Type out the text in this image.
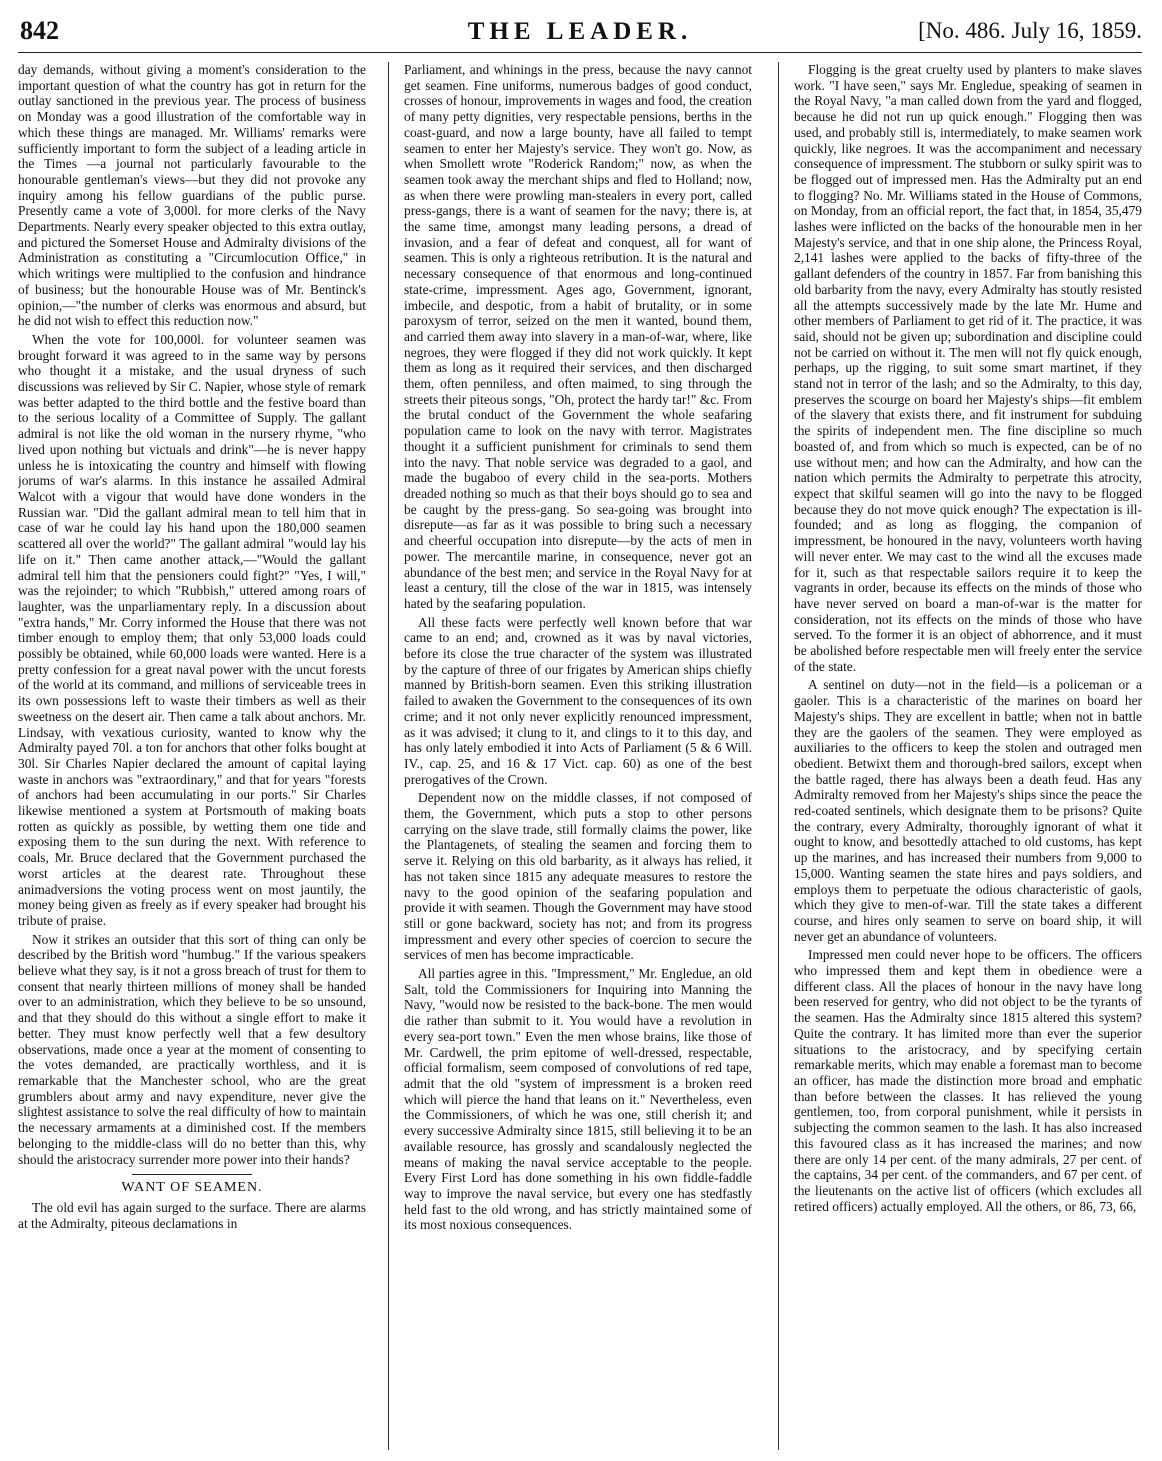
842	THE LEADER.	[No. 486. July 16, 1859.

day demands, without giving a moment's consideration to the important question of what the country has got in return for the outlay sanctioned in the previous year. The process of business on Monday was a good illustration of the comfortable way in which these things are managed. Mr. Williams' remarks were sufficiently important to form the subject of a leading article in the Times —a journal not particularly favourable to the honourable gentleman's views—but they did not provoke any inquiry among his fellow guardians of the public purse. Presently came a vote of 3,000l. for more clerks of the Navy Departments. Nearly every speaker objected to this extra outlay, and pictured the Somerset House and Admiralty divisions of the Administration as constituting a "Circumlocution Office," in which writings were multiplied to the confusion and hindrance of business; but the honourable House was of Mr. Bentinck's opinion,—"the number of clerks was enormous and absurd, but he did not wish to effect this reduction now."

When the vote for 100,000l. for volunteer seamen was brought forward it was agreed to in the same way by persons who thought it a mistake, and the usual dryness of such discussions was relieved by Sir C. Napier, whose style of remark was better adapted to the third bottle and the festive board than to the serious locality of a Committee of Supply. The gallant admiral is not like the old woman in the nursery rhyme, "who lived upon nothing but victuals and drink"—he is never happy unless he is intoxicating the country and himself with flowing jorums of war's alarms. In this instance he assailed Admiral Walcot with a vigour that would have done wonders in the Russian war. "Did the gallant admiral mean to tell him that in case of war he could lay his hand upon the 180,000 seamen scattered all over the world?" The gallant admiral "would lay his life on it." Then came another attack,—"Would the gallant admiral tell him that the pensioners could fight?" "Yes, I will," was the rejoinder; to which "Rubbish," uttered among roars of laughter, was the unparliamentary reply. In a discussion about "extra hands," Mr. Corry informed the House that there was not timber enough to employ them; that only 53,000 loads could possibly be obtained, while 60,000 loads were wanted. Here is a pretty confession for a great naval power with the uncut forests of the world at its command, and millions of serviceable trees in its own possessions left to waste their timbers as well as their sweetness on the desert air. Then came a talk about anchors. Mr. Lindsay, with vexatious curiosity, wanted to know why the Admiralty payed 70l. a ton for anchors that other folks bought at 30l. Sir Charles Napier declared the amount of capital laying waste in anchors was "extraordinary," and that for years "forests of anchors had been accumulating in our ports." Sir Charles likewise mentioned a system at Portsmouth of making boats rotten as quickly as possible, by wetting them one tide and exposing them to the sun during the next. With reference to coals, Mr. Bruce declared that the Government purchased the worst articles at the dearest rate. Throughout these animadversions the voting process went on most jauntily, the money being given as freely as if every speaker had brought his tribute of praise.

Now it strikes an outsider that this sort of thing can only be described by the British word "humbug." If the various speakers believe what they say, is it not a gross breach of trust for them to consent that nearly thirteen millions of money shall be handed over to an administration, which they believe to be so unsound, and that they should do this without a single effort to make it better. They must know perfectly well that a few desultory observations, made once a year at the moment of consenting to the votes demanded, are practically worthless, and it is remarkable that the Manchester school, who are the great grumblers about army and navy expenditure, never give the slightest assistance to solve the real difficulty of how to maintain the necessary armaments at a diminished cost. If the members belonging to the middle-class will do no better than this, why should the aristocracy surrender more power into their hands?

WANT OF SEAMEN.

The old evil has again surged to the surface. There are alarms at the Admiralty, piteous declamations in

Parliament, and whinings in the press, because the navy cannot get seamen. Fine uniforms, numerous badges of good conduct, crosses of honour, improvements in wages and food, the creation of many petty dignities, very respectable pensions, berths in the coast-guard, and now a large bounty, have all failed to tempt seamen to enter her Majesty's service. They won't go. Now, as when Smollett wrote "Roderick Random;" now, as when the seamen took away the merchant ships and fled to Holland; now, as when there were prowling man-stealers in every port, called press-gangs, there is a want of seamen for the navy; there is, at the same time, amongst many leading persons, a dread of invasion, and a fear of defeat and conquest, all for want of seamen. This is only a righteous retribution. It is the natural and necessary consequence of that enormous and long-continued state-crime, impressment. Ages ago, Government, ignorant, imbecile, and despotic, from a habit of brutality, or in some paroxysm of terror, seized on the men it wanted, bound them, and carried them away into slavery in a man-of-war, where, like negroes, they were flogged if they did not work quickly. It kept them as long as it required their services, and then discharged them, often penniless, and often maimed, to sing through the streets their piteous songs, "Oh, protect the hardy tar!" &c. From the brutal conduct of the Government the whole seafaring population came to look on the navy with terror. Magistrates thought it a sufficient punishment for criminals to send them into the navy. That noble service was degraded to a gaol, and made the bugaboo of every child in the sea-ports. Mothers dreaded nothing so much as that their boys should go to sea and be caught by the press-gang. So sea-going was brought into disrepute—as far as it was possible to bring such a necessary and cheerful occupation into disrepute—by the acts of men in power. The mercantile marine, in consequence, never got an abundance of the best men; and service in the Royal Navy for at least a century, till the close of the war in 1815, was intensely hated by the seafaring population.

All these facts were perfectly well known before that war came to an end; and, crowned as it was by naval victories, before its close the true character of the system was illustrated by the capture of three of our frigates by American ships chiefly manned by British-born seamen. Even this striking illustration failed to awaken the Government to the consequences of its own crime; and it not only never explicitly renounced impressment, as it was advised; it clung to it, and clings to it to this day, and has only lately embodied it into Acts of Parliament (5 & 6 Will. IV., cap. 25, and 16 & 17 Vict. cap. 60) as one of the best prerogatives of the Crown.

Dependent now on the middle classes, if not composed of them, the Government, which puts a stop to other persons carrying on the slave trade, still formally claims the power, like the Plantagenets, of stealing the seamen and forcing them to serve it. Relying on this old barbarity, as it always has relied, it has not taken since 1815 any adequate measures to restore the navy to the good opinion of the seafaring population and provide it with seamen. Though the Government may have stood still or gone backward, society has not; and from its progress impressment and every other species of coercion to secure the services of men has become impracticable.

All parties agree in this. "Impressment," Mr. Engledue, an old Salt, told the Commissioners for Inquiring into Manning the Navy, "would now be resisted to the back-bone. The men would die rather than submit to it. You would have a revolution in every sea-port town." Even the men whose brains, like those of Mr. Cardwell, the prim epitome of well-dressed, respectable, official formalism, seem composed of convolutions of red tape, admit that the old "system of impressment is a broken reed which will pierce the hand that leans on it." Nevertheless, even the Commissioners, of which he was one, still cherish it; and every successive Admiralty since 1815, still believing it to be an available resource, has grossly and scandalously neglected the means of making the naval service acceptable to the people. Every First Lord has done something in his own fiddle-faddle way to improve the naval service, but every one has stedfastly held fast to the old wrong, and has strictly maintained some of its most noxious consequences.

Flogging is the great cruelty used by planters to make slaves work. "I have seen," says Mr. Engledue, speaking of seamen in the Royal Navy, "a man called down from the yard and flogged, because he did not run up quick enough." Flogging then was used, and probably still is, intermediately, to make seamen work quickly, like negroes. It was the accompaniment and necessary consequence of impressment. The stubborn or sulky spirit was to be flogged out of impressed men. Has the Admiralty put an end to flogging? No. Mr. Williams stated in the House of Commons, on Monday, from an official report, the fact that, in 1854, 35,479 lashes were inflicted on the backs of the honourable men in her Majesty's service, and that in one ship alone, the Princess Royal, 2,141 lashes were applied to the backs of fifty-three of the gallant defenders of the country in 1857. Far from banishing this old barbarity from the navy, every Admiralty has stoutly resisted all the attempts successively made by the late Mr. Hume and other members of Parliament to get rid of it. The practice, it was said, should not be given up; subordination and discipline could not be carried on without it. The men will not fly quick enough, perhaps, up the rigging, to suit some smart martinet, if they stand not in terror of the lash; and so the Admiralty, to this day, preserves the scourge on board her Majesty's ships—fit emblem of the slavery that exists there, and fit instrument for subduing the spirits of independent men. The fine discipline so much boasted of, and from which so much is expected, can be of no use without men; and how can the Admiralty, and how can the nation which permits the Admiralty to perpetrate this atrocity, expect that skilful seamen will go into the navy to be flogged because they do not move quick enough? The expectation is ill-founded; and as long as flogging, the companion of impressment, be honoured in the navy, volunteers worth having will never enter. We may cast to the wind all the excuses made for it, such as that respectable sailors require it to keep the vagrants in order, because its effects on the minds of those who have never served on board a man-of-war is the matter for consideration, not its effects on the minds of those who have served. To the former it is an object of abhorrence, and it must be abolished before respectable men will freely enter the service of the state.

A sentinel on duty—not in the field—is a policeman or a gaoler. This is a characteristic of the marines on board her Majesty's ships. They are excellent in battle; when not in battle they are the gaolers of the seamen. They were employed as auxiliaries to the officers to keep the stolen and outraged men obedient. Betwixt them and thorough-bred sailors, except when the battle raged, there has always been a death feud. Has any Admiralty removed from her Majesty's ships since the peace the red-coated sentinels, which designate them to be prisons? Quite the contrary, every Admiralty, thoroughly ignorant of what it ought to know, and besottedly attached to old customs, has kept up the marines, and has increased their numbers from 9,000 to 15,000. Wanting seamen the state hires and pays soldiers, and employs them to perpetuate the odious characteristic of gaols, which they give to men-of-war. Till the state takes a different course, and hires only seamen to serve on board ship, it will never get an abundance of volunteers.

Impressed men could never hope to be officers. The officers who impressed them and kept them in obedience were a different class. All the places of honour in the navy have long been reserved for gentry, who did not object to be the tyrants of the seamen. Has the Admiralty since 1815 altered this system? Quite the contrary. It has limited more than ever the superior situations to the aristocracy, and by specifying certain remarkable merits, which may enable a foremast man to become an officer, has made the distinction more broad and emphatic than before between the classes. It has relieved the young gentlemen, too, from corporal punishment, while it persists in subjecting the common seamen to the lash. It has also increased this favoured class as it has increased the marines; and now there are only 14 per cent. of the many admirals, 27 per cent. of the captains, 34 per cent. of the commanders, and 67 per cent. of the lieutenants on the active list of officers (which excludes all retired officers) actually employed. All the others, or 86, 73, 66,
